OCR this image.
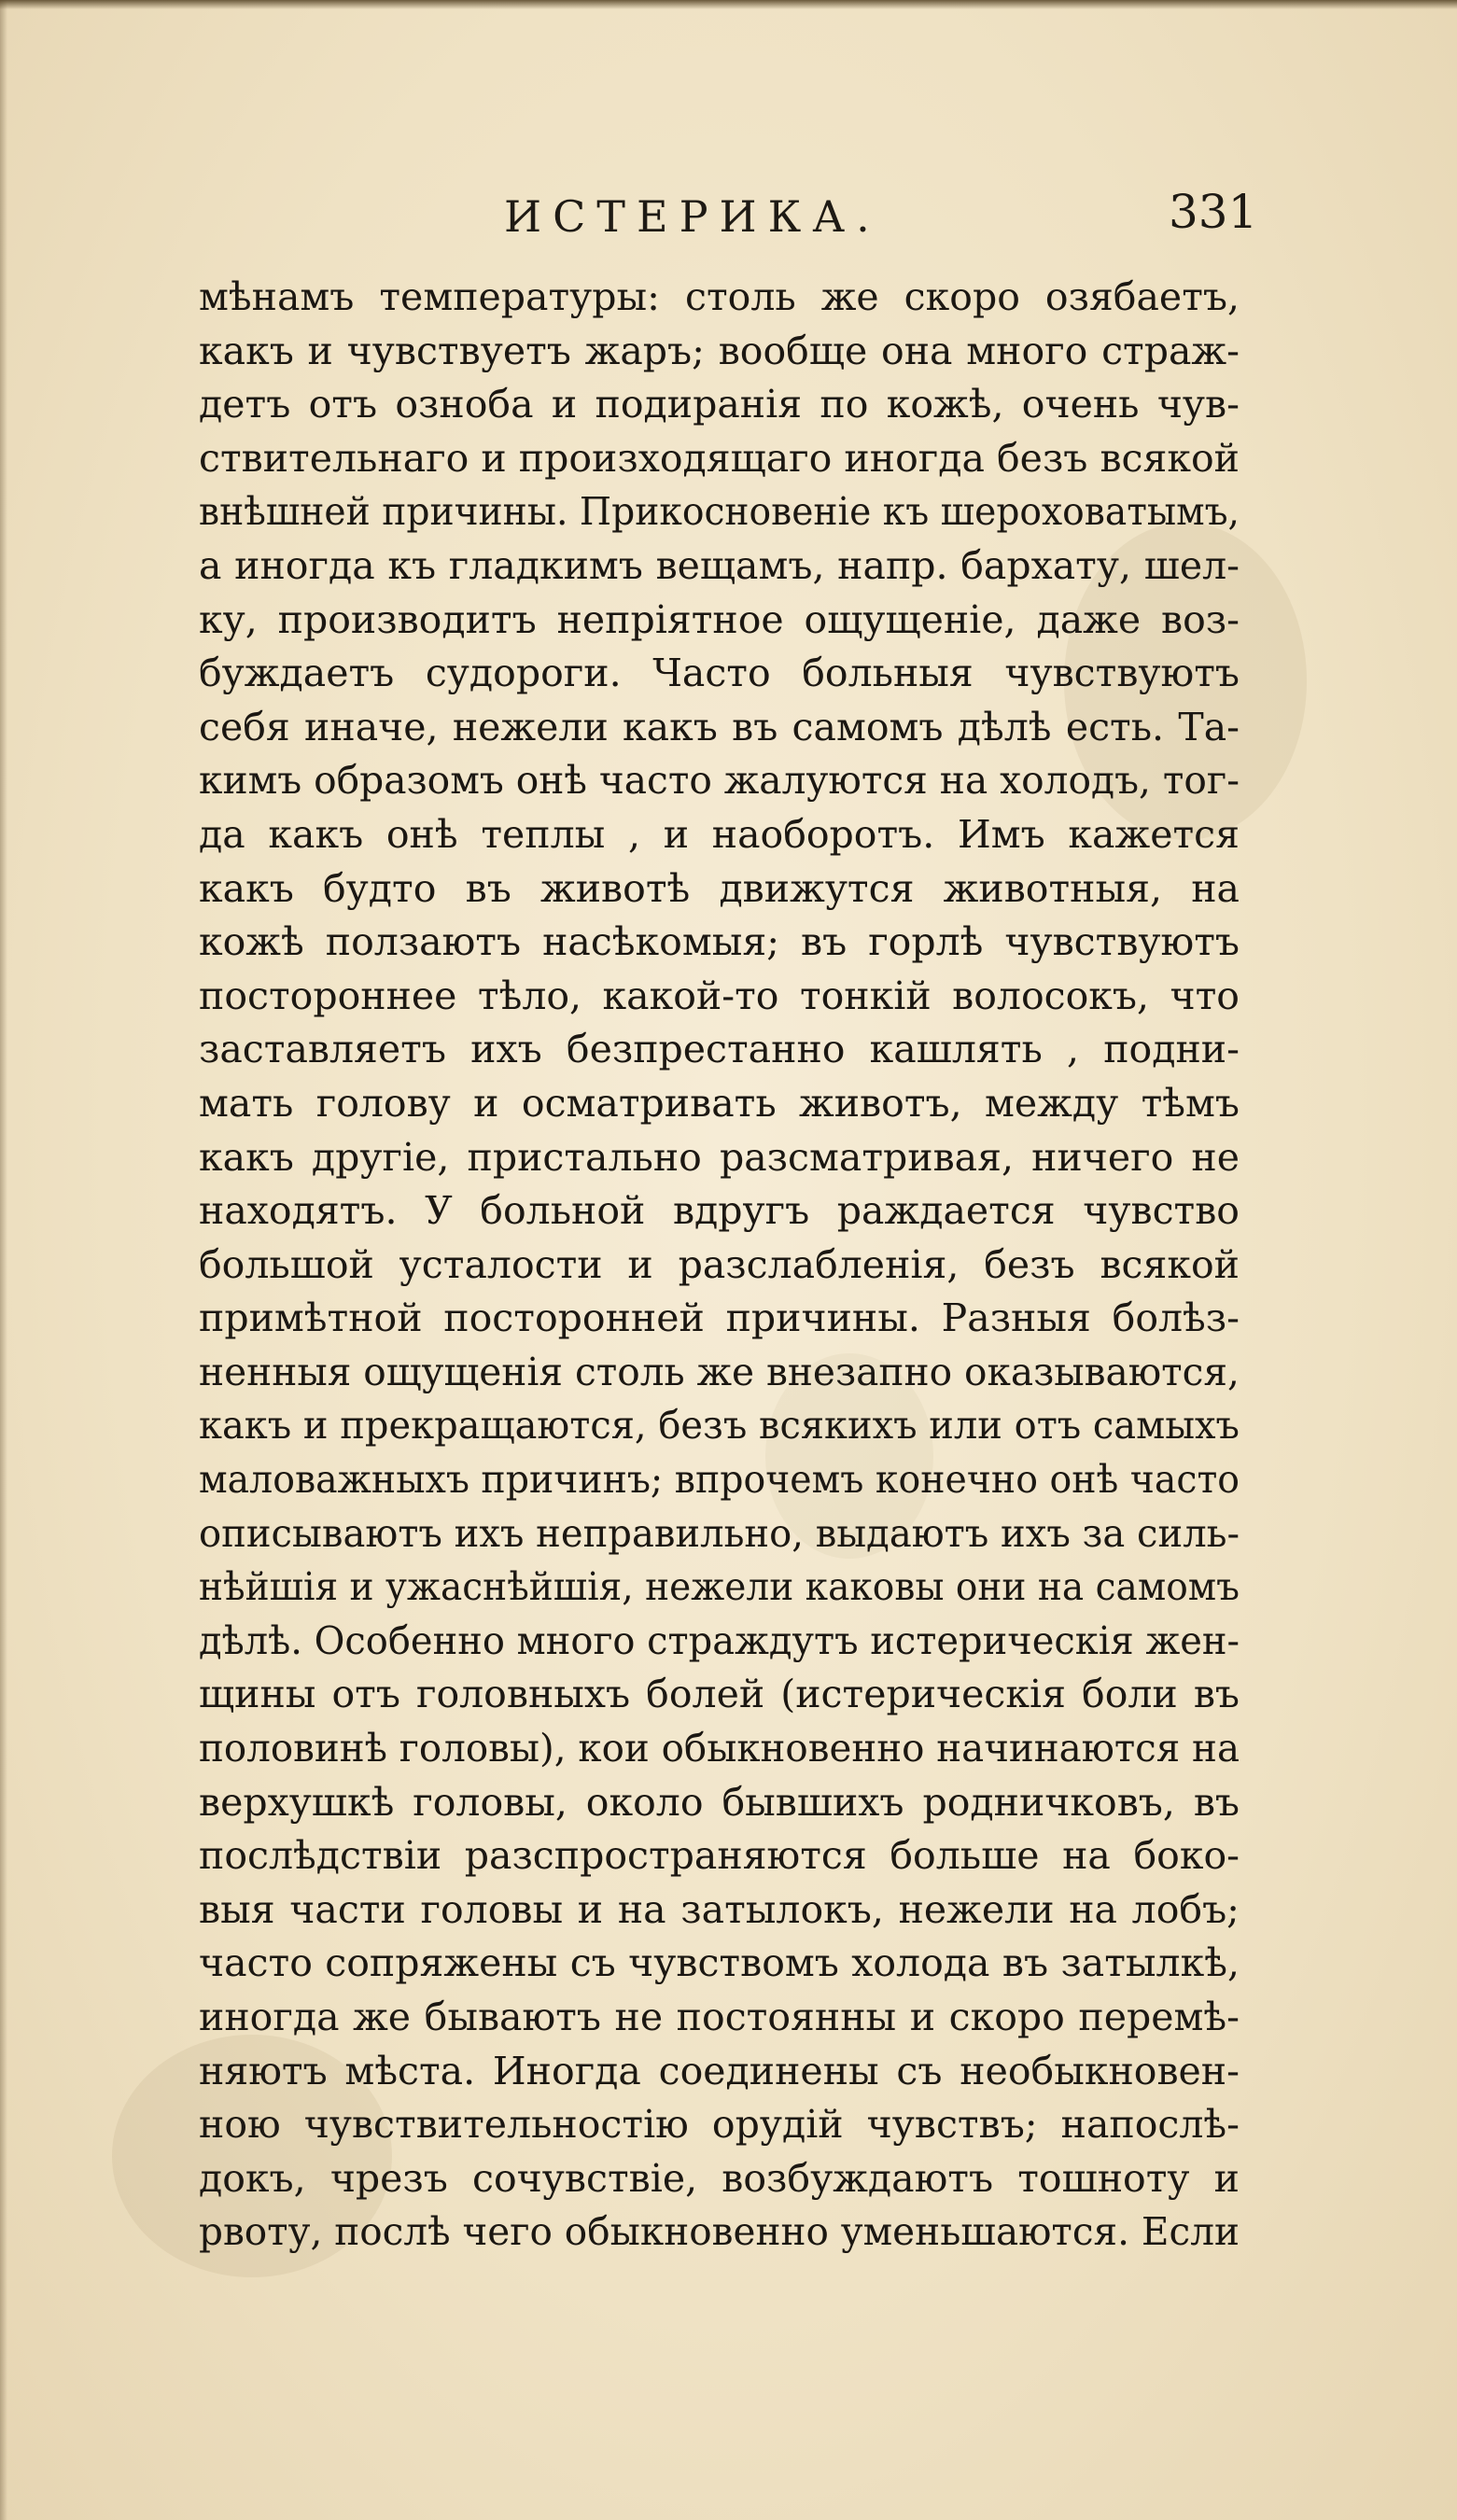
ИСТЕРИКА.	331
мѣнамъ температуры: столь же скоро озябаетъ,
какъ и чувствуетъ жаръ; вообще она много страж-
детъ отъ озноба и подиранія по кожѣ, очень чув-
ствительнаго и произходящаго иногда безъ всякой
внѣшней причины. Прикосновеніе къ шероховатымъ,
а иногда къ гладкимъ вещамъ, напр. бархату, шел-
ку, производитъ непріятное ощущеніе, даже воз-
буждаетъ судороги. Часто больныя чувствуютъ
себя иначе, нежели какъ въ самомъ дѣлѣ есть. Та-
кимъ образомъ онѣ часто жалуются на холодъ, тог-
да какъ онѣ теплы , и наоборотъ. Имъ кажется
какъ будто въ животѣ движутся животныя, на
кожѣ ползаютъ насѣкомыя; въ горлѣ чувствуютъ
постороннее тѣло, какой-то тонкій волосокъ, что
заставляетъ ихъ безпрестанно кашлять , подни-
мать голову и осматривать животъ, между тѣмъ
какъ другіе, пристально разсматривая, ничего не
находятъ. У больной вдругъ раждается чувство
большой усталости и разслабленія, безъ всякой
примѣтной посторонней причины. Разныя болѣз-
ненныя ощущенія столь же внезапно оказываются,
какъ и прекращаются, безъ всякихъ или отъ самыхъ
маловажныхъ причинъ; впрочемъ конечно онѣ часто
описываютъ ихъ неправильно, выдаютъ ихъ за силь-
нѣйшія и ужаснѣйшія, нежели каковы они на самомъ
дѣлѣ. Особенно много страждутъ истерическія жен-
щины отъ головныхъ болей (истерическія боли въ
половинѣ головы), кои обыкновенно начинаются на
верхушкѣ головы, около бывшихъ родничковъ, въ
послѣдствіи разспространяются больше на боко-
выя части головы и на затылокъ, нежели на лобъ;
часто сопряжены съ чувствомъ холода въ затылкѣ,
иногда же бываютъ не постоянны и скоро перемѣ-
няютъ мѣста. Иногда соединены съ необыкновен-
ною чувствительностію орудій чувствъ; напослѣ-
докъ, чрезъ сочувствіе, возбуждаютъ тошноту и
рвоту, послѣ чего обыкновенно уменьшаются. Если
